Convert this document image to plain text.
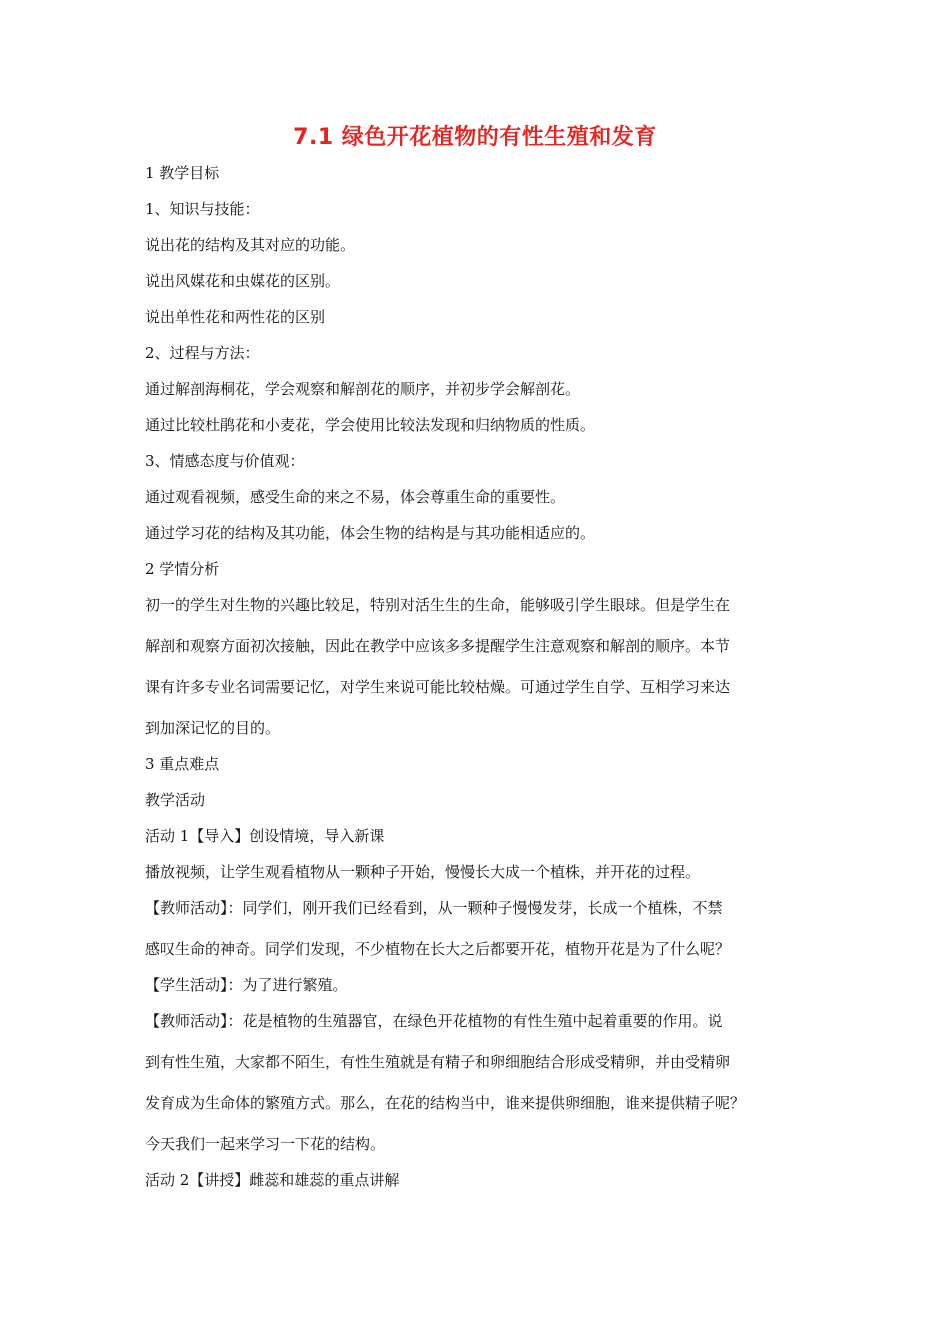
7.1 绿色开花植物的有性生殖和发育
1 教学目标
1、知识与技能：
说出花的结构及其对应的功能。
说出风媒花和虫媒花的区别。
说出单性花和两性花的区别
2、过程与方法：
通过解剖海桐花，学会观察和解剖花的顺序，并初步学会解剖花。
通过比较杜鹃花和小麦花，学会使用比较法发现和归纳物质的性质。
3、情感态度与价值观：
通过观看视频，感受生命的来之不易，体会尊重生命的重要性。
通过学习花的结构及其功能，体会生物的结构是与其功能相适应的。
2 学情分析
初一的学生对生物的兴趣比较足，特别对活生生的生命，能够吸引学生眼球。但是学生在
解剖和观察方面初次接触，因此在教学中应该多多提醒学生注意观察和解剖的顺序。本节
课有许多专业名词需要记忆，对学生来说可能比较枯燥。可通过学生自学、互相学习来达
到加深记忆的目的。
3 重点难点
教学活动
活动 1【导入】创设情境，导入新课
播放视频，让学生观看植物从一颗种子开始，慢慢长大成一个植株，并开花的过程。
【教师活动】：同学们，刚开我们已经看到，从一颗种子慢慢发芽，长成一个植株，不禁
感叹生命的神奇。同学们发现，不少植物在长大之后都要开花，植物开花是为了什么呢？
【学生活动】：为了进行繁殖。
【教师活动】：花是植物的生殖器官，在绿色开花植物的有性生殖中起着重要的作用。说
到有性生殖，大家都不陌生，有性生殖就是有精子和卵细胞结合形成受精卵，并由受精卵
发育成为生命体的繁殖方式。那么，在花的结构当中，谁来提供卵细胞，谁来提供精子呢？
今天我们一起来学习一下花的结构。
活动 2【讲授】雌蕊和雄蕊的重点讲解
